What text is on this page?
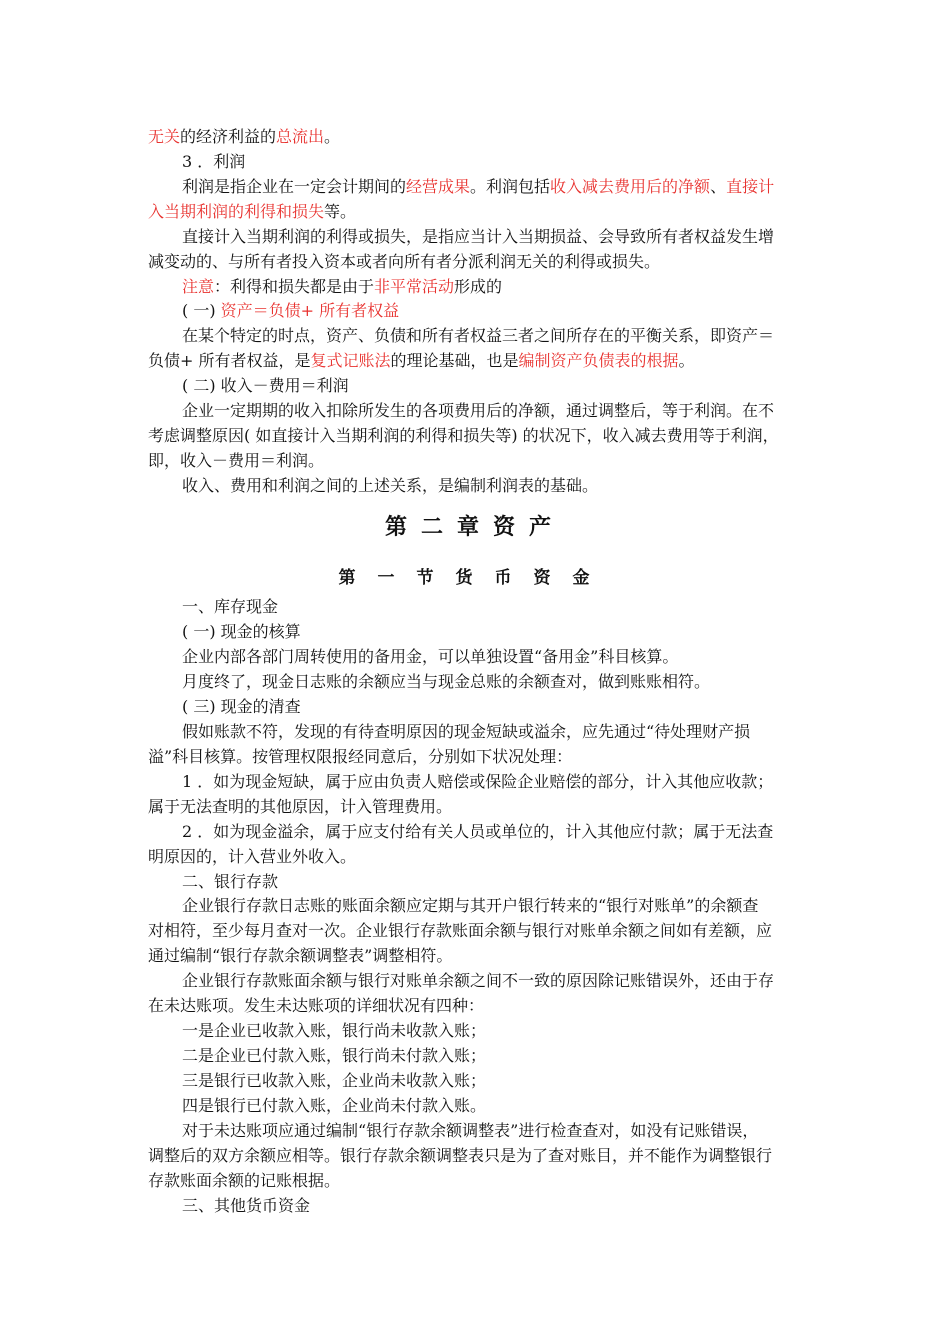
无关的经济利益的总流出。
3 ．利润
利润是指企业在一定会计期间的经营成果。利润包括收入减去费用后的净额、直接计
入当期利润的利得和损失等。
直接计入当期利润的利得或损失，是指应当计入当期损益、会导致所有者权益发生增
减变动的、与所有者投入资本或者向所有者分派利润无关的利得或损失。
注意：利得和损失都是由于非平常活动形成的
( 一) 资产＝负债+ 所有者权益
在某个特定的时点，资产、负债和所有者权益三者之间所存在的平衡关系，即资产＝
负债+ 所有者权益，是复式记账法的理论基础，也是编制资产负债表的根据。
( 二) 收入－费用＝利润
企业一定期期的收入扣除所发生的各项费用后的净额，通过调整后，等于利润。在不
考虑调整原因( 如直接计入当期利润的利得和损失等) 的状况下，收入减去费用等于利润，
即，收入－费用＝利润。
收入、费用和利润之间的上述关系，是编制利润表的基础。
一、库存现金
( 一) 现金的核算
企业内部各部门周转使用的备用金，可以单独设置“备用金”科目核算。
月度终了，现金日志账的余额应当与现金总账的余额查对，做到账账相符。
( 三) 现金的清查
假如账款不符，发现的有待查明原因的现金短缺或溢余，应先通过“待处理财产损
溢”科目核算。按管理权限报经同意后，分别如下状况处理：
1 ．如为现金短缺，属于应由负责人赔偿或保险企业赔偿的部分，计入其他应收款；
属于无法查明的其他原因，计入管理费用。
2 ．如为现金溢余，属于应支付给有关人员或单位的，计入其他应付款；属于无法查
明原因的，计入营业外收入。
二、银行存款
企业银行存款日志账的账面余额应定期与其开户银行转来的“银行对账单”的余额查
对相符，至少每月查对一次。企业银行存款账面余额与银行对账单余额之间如有差额，应
通过编制“银行存款余额调整表”调整相符。
企业银行存款账面余额与银行对账单余额之间不一致的原因除记账错误外，还由于存
在未达账项。发生未达账项的详细状况有四种：
一是企业已收款入账，银行尚未收款入账；
二是企业已付款入账，银行尚未付款入账；
三是银行已收款入账，企业尚未收款入账；
四是银行已付款入账，企业尚未付款入账。
对于未达账项应通过编制“银行存款余额调整表”进行检查查对，如没有记账错误，
调整后的双方余额应相等。银行存款余额调整表只是为了查对账目，并不能作为调整银行
存款账面余额的记账根据。
三、其他货币资金
第二章资产
第一节货币资金
